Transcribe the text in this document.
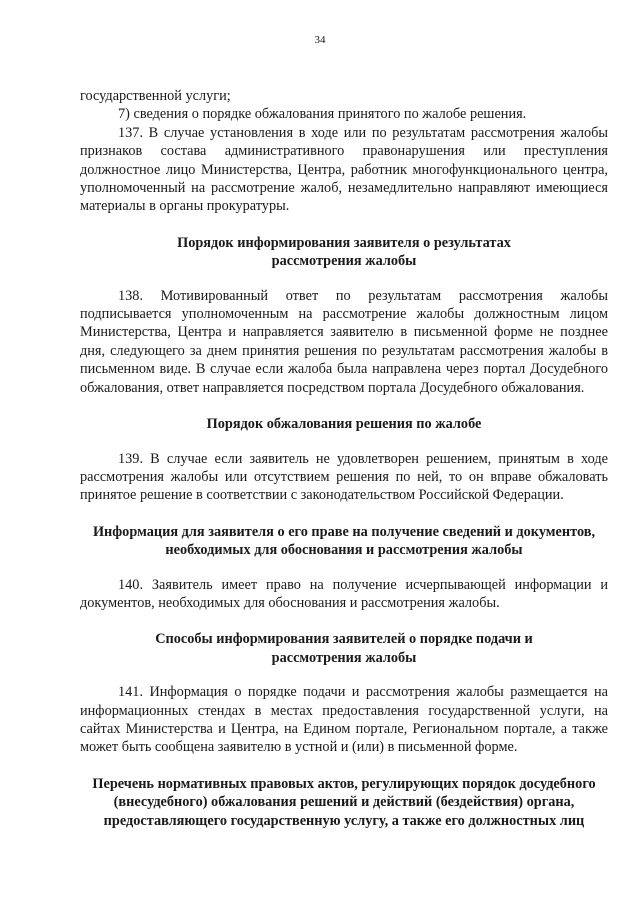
34

государственной услуги;

7) сведения о порядке обжалования принятого по жалобе решения.

137. В случае установления в ходе или по результатам рассмотрения жалобы признаков состава административного правонарушения или преступления должностное лицо Министерства, Центра, работник многофункционального центра, уполномоченный на рассмотрение жалоб, незамедлительно направляют имеющиеся материалы в органы прокуратуры.

Порядок информирования заявителя о результатах рассмотрения жалобы

138. Мотивированный ответ по результатам рассмотрения жалобы подписывается уполномоченным на рассмотрение жалобы должностным лицом Министерства, Центра и направляется заявителю в письменной форме не позднее дня, следующего за днем принятия решения по результатам рассмотрения жалобы в письменном виде. В случае если жалоба была направлена через портал Досудебного обжалования, ответ направляется посредством портала Досудебного обжалования.

Порядок обжалования решения по жалобе

139. В случае если заявитель не удовлетворен решением, принятым в ходе рассмотрения жалобы или отсутствием решения по ней, то он вправе обжаловать принятое решение в соответствии с законодательством Российской Федерации.

Информация для заявителя о его праве на получение сведений и документов, необходимых для обоснования и рассмотрения жалобы

140. Заявитель имеет право на получение исчерпывающей информации и документов, необходимых для обоснования и рассмотрения жалобы.

Способы информирования заявителей о порядке подачи и рассмотрения жалобы

141. Информация о порядке подачи и рассмотрения жалобы размещается на информационных стендах в местах предоставления государственной услуги, на сайтах Министерства и Центра, на Едином портале, Региональном портале, а также может быть сообщена заявителю в устной и (или) в письменной форме.

Перечень нормативных правовых актов, регулирующих порядок досудебного (внесудебного) обжалования решений и действий (бездействия) органа, предоставляющего государственную услугу, а также его должностных лиц
